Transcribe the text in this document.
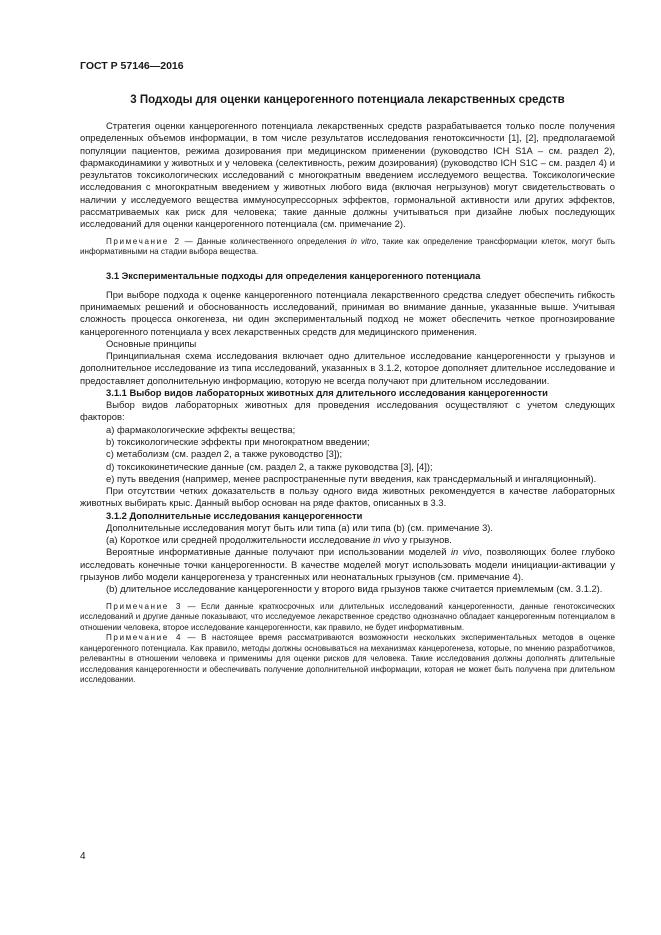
ГОСТ Р 57146—2016
3 Подходы для оценки канцерогенного потенциала лекарственных средств

Стратегия оценки канцерогенного потенциала лекарственных средств разрабатывается только после получения определенных объемов информации, в том числе результатов исследования генотоксичности [1], [2], предполагаемой популяции пациентов, режима дозирования при медицинском применении (руководство ICH S1A – см. раздел 2), фармакодинамики у животных и у человека (селективность, режим дозирования) (руководство ICH S1C – см. раздел 4) и результатов токсикологических исследований с многократным введением исследуемого вещества. Токсикологические исследования с многократным введением у животных любого вида (включая негрызунов) могут свидетельствовать о наличии у исследуемого вещества иммуносупрессорных эффектов, гормональной активности или других эффектов, рассматриваемых как риск для человека; такие данные должны учитываться при дизайне любых последующих исследований для оценки канцерогенного потенциала (см. примечание 2).

Примечание 2 — Данные количественного определения in vitro, такие как определение трансформации клеток, могут быть информативными на стадии выбора вещества.

3.1 Экспериментальные подходы для определения канцерогенного потенциала

При выборе подхода к оценке канцерогенного потенциала лекарственного средства следует обеспечить гибкость принимаемых решений и обоснованность исследований, принимая во внимание данные, указанные выше. Учитывая сложность процесса онкогенеза, ни один экспериментальный подход не может обеспечить четкое прогнозирование канцерогенного потенциала у всех лекарственных средств для медицинского применения.

Основные принципы

Принципиальная схема исследования включает одно длительное исследование канцерогенности у грызунов и дополнительное исследование из типа исследований, указанных в 3.1.2, которое дополняет длительное исследование и предоставляет дополнительную информацию, которую не всегда получают при длительном исследовании.

3.1.1 Выбор видов лабораторных животных для длительного исследования канцерогенности

Выбор видов лабораторных животных для проведения исследования осуществляют с учетом следующих факторов:

a) фармакологические эффекты вещества;

b) токсикологические эффекты при многократном введении;

c) метаболизм (см. раздел 2, а также руководство [3]);

d) токсикокинетические данные (см. раздел 2, а также руководства [3], [4]);

e) путь введения (например, менее распространенные пути введения, как трансдермальный и ингаляционный).

При отсутствии четких доказательств в пользу одного вида животных рекомендуется в качестве лабораторных животных выбирать крыс. Данный выбор основан на ряде фактов, описанных в 3.3.

3.1.2 Дополнительные исследования канцерогенности

Дополнительные исследования могут быть или типа (а) или типа (b) (см. примечание 3).

(а) Короткое или средней продолжительности исследование in vivo у грызунов.

Вероятные информативные данные получают при использовании моделей in vivo, позволяющих более глубоко исследовать конечные точки канцерогенности. В качестве моделей могут использовать модели инициации-активации у грызунов либо модели канцерогенеза у трансгенных или неонатальных грызунов (см. примечание 4).

(b) длительное исследование канцерогенности у второго вида грызунов также считается приемлемым (см. 3.1.2).

Примечание 3 — Если данные краткосрочных или длительных исследований канцерогенности, данные генотоксических исследований и другие данные показывают, что исследуемое лекарственное средство однозначно обладает канцерогенным потенциалом в отношении человека, второе исследование канцерогенности, как правило, не будет информативным.

Примечание 4 — В настоящее время рассматриваются возможности нескольких экспериментальных методов в оценке канцерогенного потенциала. Как правило, методы должны основываться на механизмах канцерогенеза, которые, по мнению разработчиков, релевантны в отношении человека и применимы для оценки рисков для человека. Такие исследования должны дополнять длительные исследования канцерогенности и обеспечивать получение дополнительной информации, которая не может быть получена при длительном исследовании.

4
